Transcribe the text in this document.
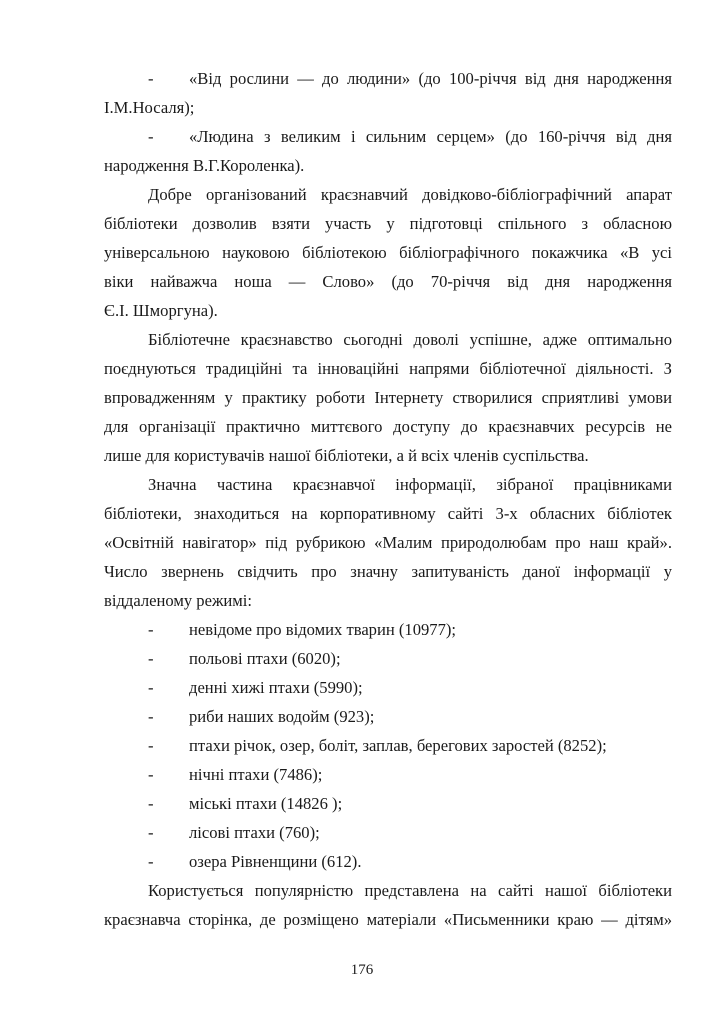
- «Від рослини — до людини» (до 100-річчя від дня народження
І.М.Носаля);
- «Людина з великим і сильним серцем» (до 160-річчя від дня
народження В.Г.Короленка).
Добре організований краєзнавчий довідково-бібліографічний апарат
бібліотеки дозволив взяти участь у підготовці спільного з обласною
універсальною науковою бібліотекою бібліографічного покажчика «В усі
віки найважча ноша — Слово» (до 70-річчя від дня народження
Є.І. Шморгуна).
Бібліотечне краєзнавство сьогодні доволі успішне, адже оптимально
поєднуються традиційні та інноваційні напрями бібліотечної діяльності. З
впровадженням у практику роботи Інтернету створилися сприятливі умови
для організації практично миттєвого доступу до краєзнавчих ресурсів не
лише для користувачів нашої бібліотеки, а й всіх членів суспільства.
Значна частина краєзнавчої інформації, зібраної працівниками
бібліотеки, знаходиться на корпоративному сайті 3-х обласних бібліотек
«Освітній навігатор» під рубрикою «Малим природолюбам про наш край».
Число звернень свідчить про значну запитуваність даної інформації у
віддаленому режимі:
- невідоме про відомих тварин (10977);
- польові птахи (6020);
- денні хижі птахи (5990);
- риби наших водойм (923);
- птахи річок, озер, боліт, заплав, берегових заростей (8252);
- нічні птахи (7486);
- міські птахи (14826 );
- лісові птахи (760);
- озера Рівненщини (612).
Користується популярністю представлена на сайті нашої бібліотеки
краєзнавча сторінка, де розміщено матеріали «Письменники краю — дітям»
176
